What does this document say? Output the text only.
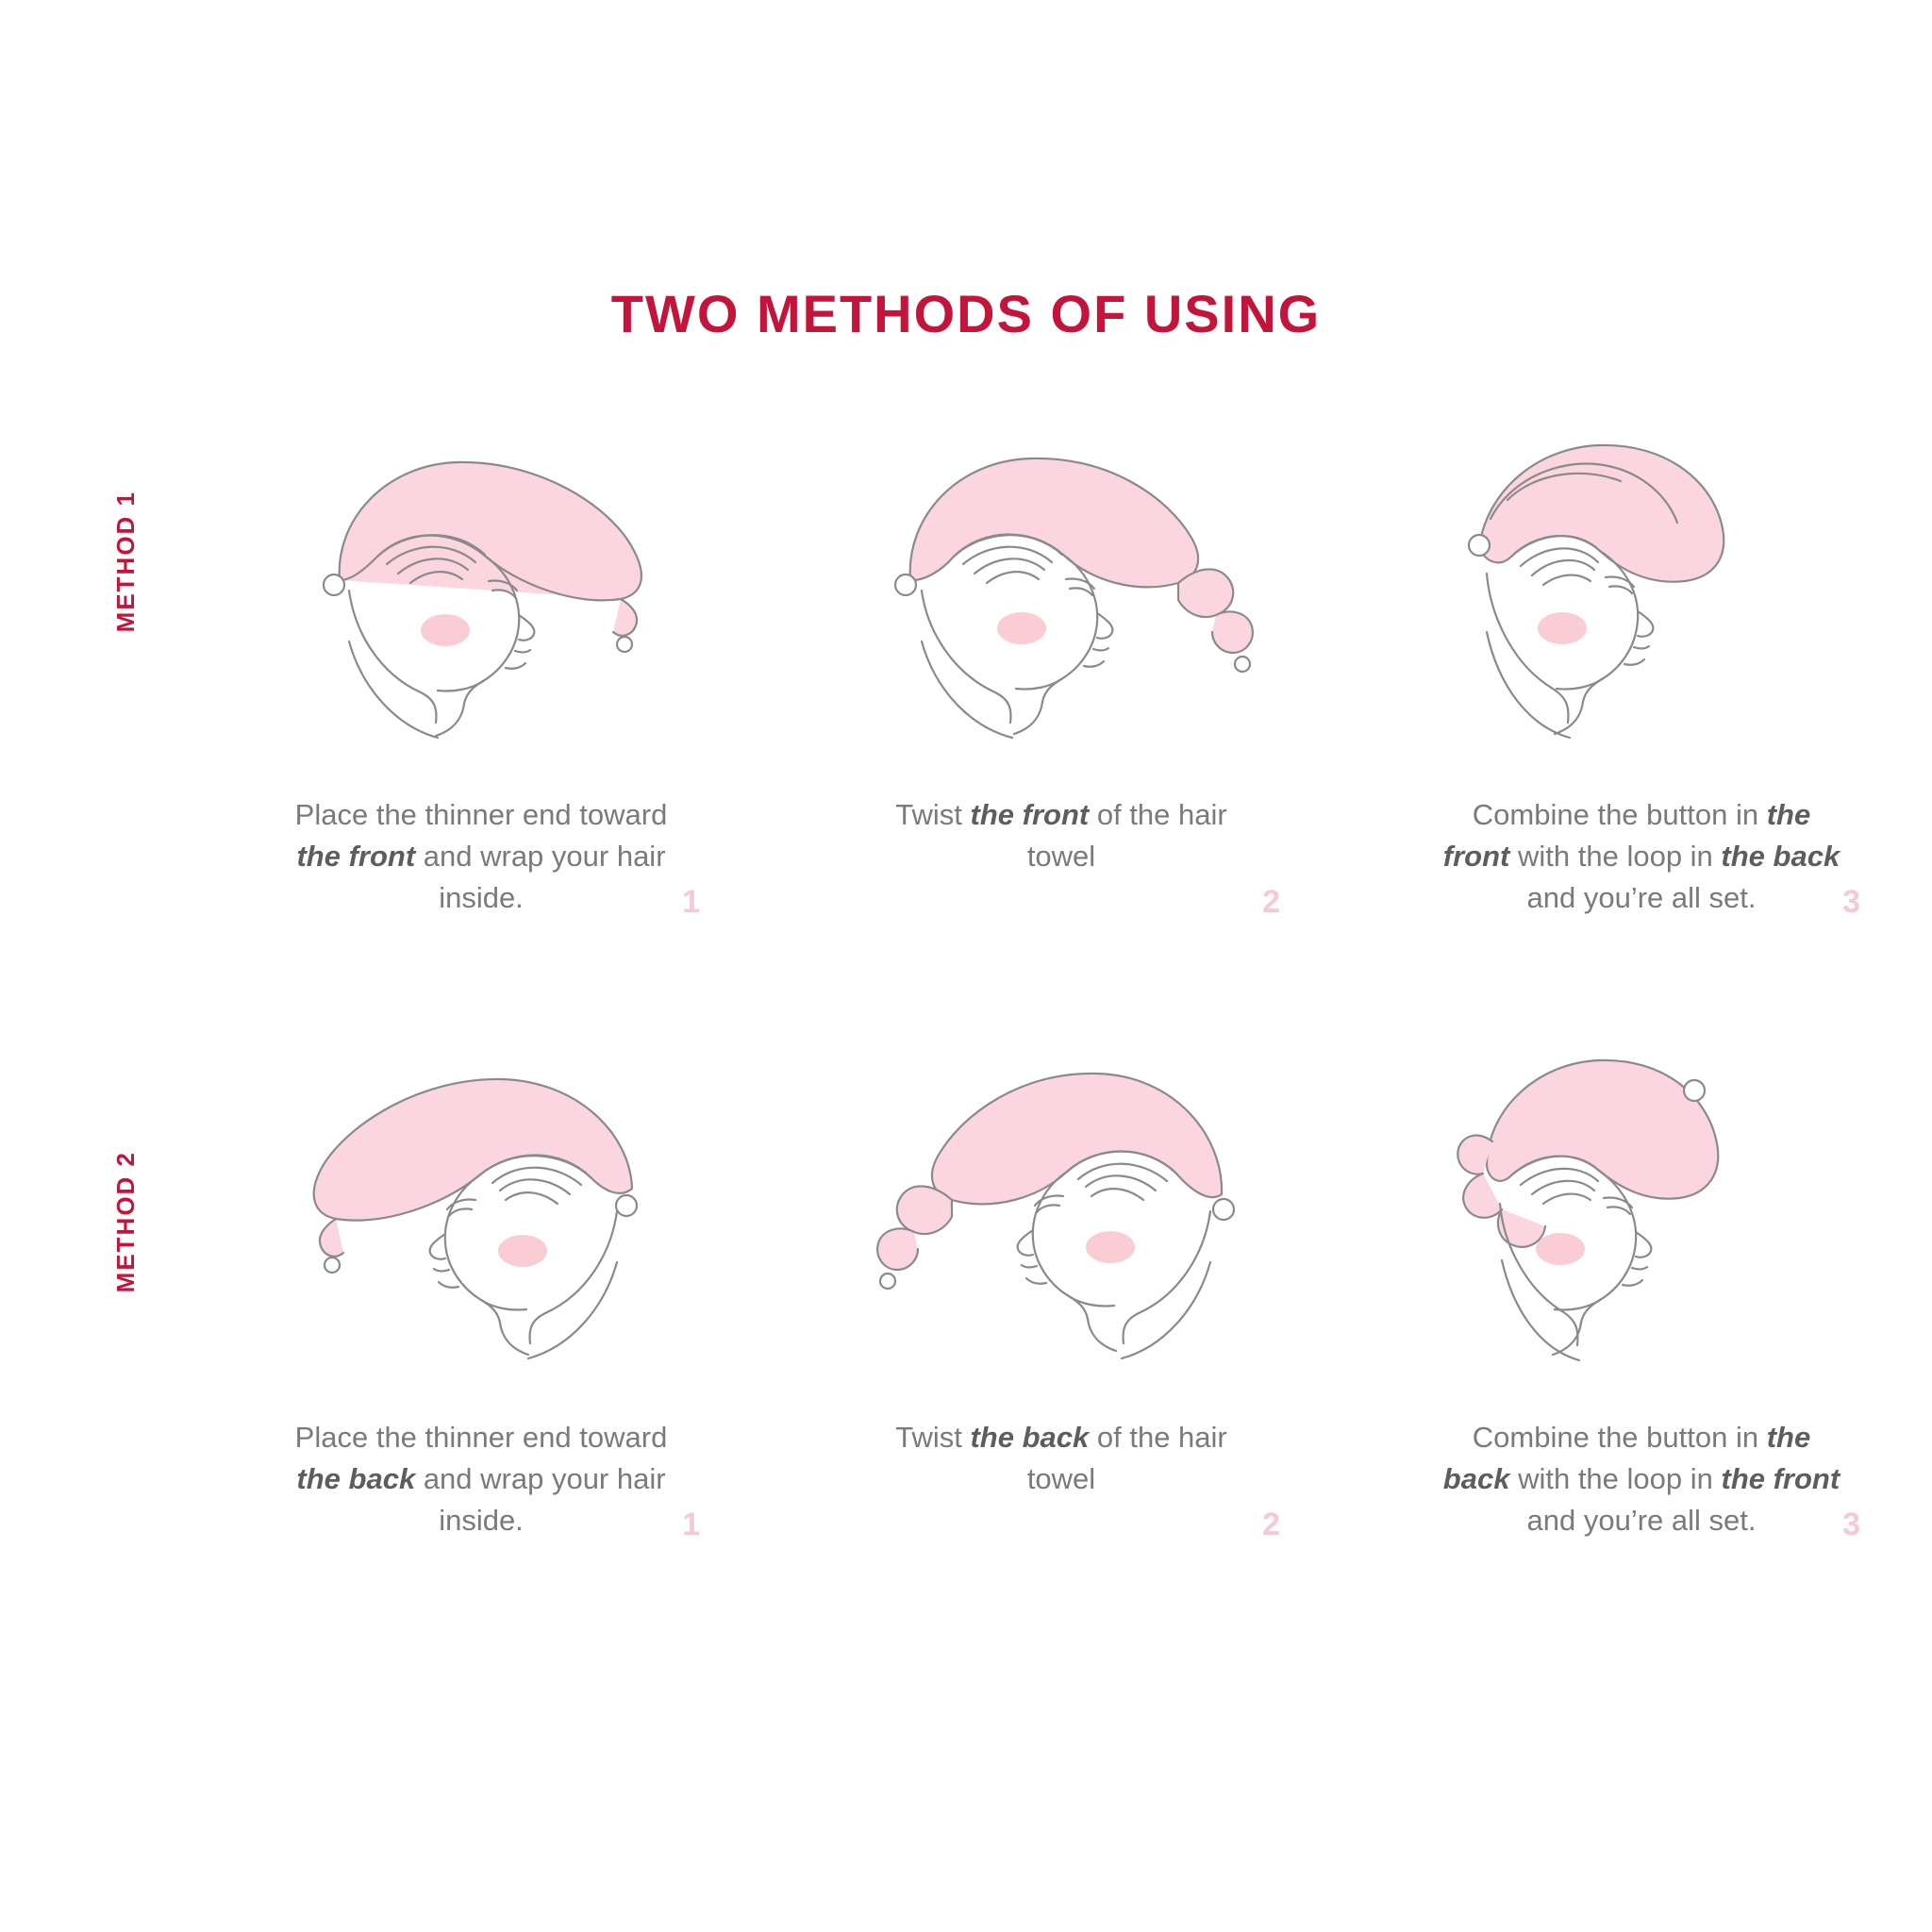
TWO METHODS OF USING
METHOD 1
METHOD 2
1
Place the thinner end toward the front and wrap your hair inside.	2
Twist the front of the hair towel
3
Combine the button in the front with the loop in the back and you’re all set.
1
Place the thinner end toward the back and wrap your hair inside.	2
Twist the back of the hair towel
3
Combine the button in the back with the loop in the front and you’re all set.
